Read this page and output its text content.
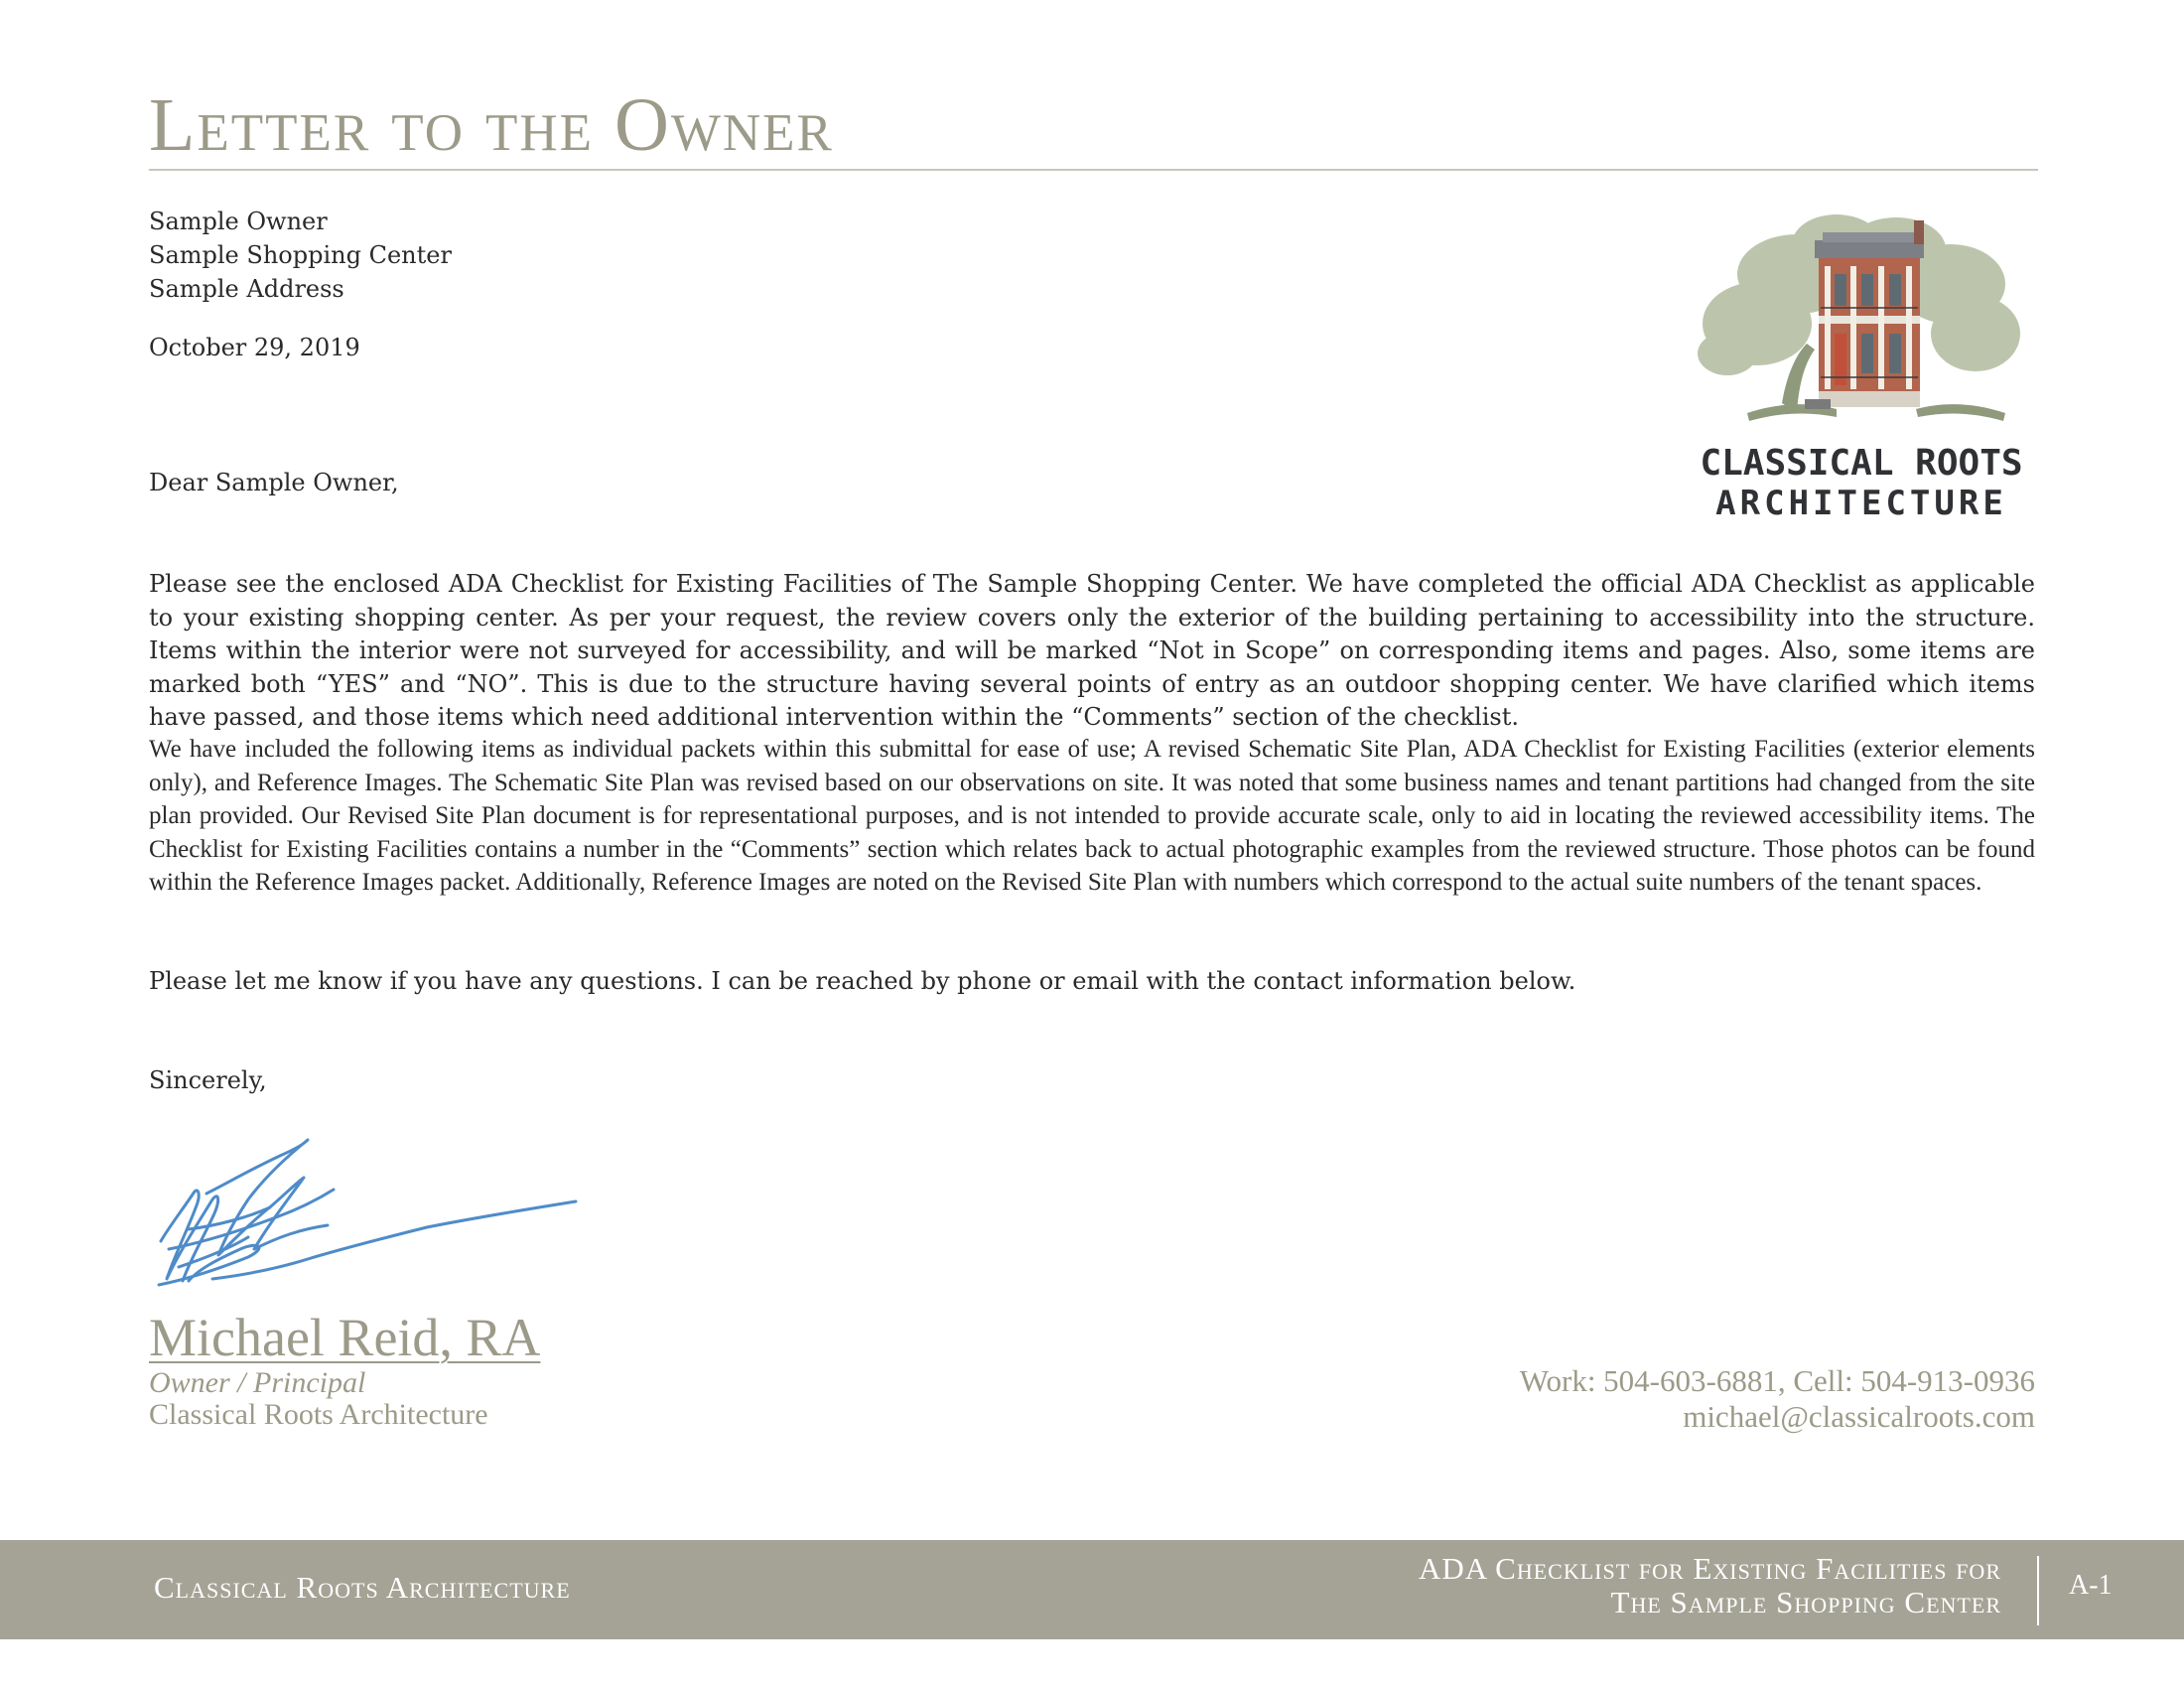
Letter to the Owner
Sample Owner
Sample Shopping Center
Sample Address
October 29, 2019
Dear Sample Owner,
Please see the enclosed ADA Checklist for Existing Facilities of The Sample Shopping Center. We have completed the official ADA Checklist as applicable to your existing shopping center. As per your request, the review covers only the exterior of the building pertaining to accessibility into the structure. Items within the interior were not surveyed for accessibility, and will be marked “Not in Scope” on corresponding items and pages. Also, some items are marked both “YES” and “NO”. This is due to the structure having several points of entry as an outdoor shopping center. We have clarified which items have passed, and those items which need additional intervention within the “Comments” section of the checklist.
We have included the following items as individual packets within this submittal for ease of use; A revised Schematic Site Plan, ADA Checklist for Existing Facilities (exterior elements only), and Reference Images. The Schematic Site Plan was revised based on our observations on site. It was noted that some business names and tenant partitions had changed from the site plan provided. Our Revised Site Plan document is for representational purposes, and is not intended to provide accurate scale, only to aid in locating the reviewed accessibility items. The Checklist for Existing Facilities contains a number in the “Comments” section which relates back to actual photographic examples from the reviewed structure. Those photos can be found within the Reference Images packet. Additionally, Reference Images are noted on the Revised Site Plan with numbers which correspond to the actual suite numbers of the tenant spaces.
Please let me know if you have any questions. I can be reached by phone or email with the contact information below.
Sincerely,
Michael Reid, RA
Owner / Principal
Classical Roots Architecture
Work: 504-603-6881, Cell: 504-913-0936
michael@classicalroots.com
CLASSICAL ROOTS
ARCHITECTURE
Classical Roots Architecture
ADA Checklist for Existing Facilities for
The Sample Shopping Center A-1
